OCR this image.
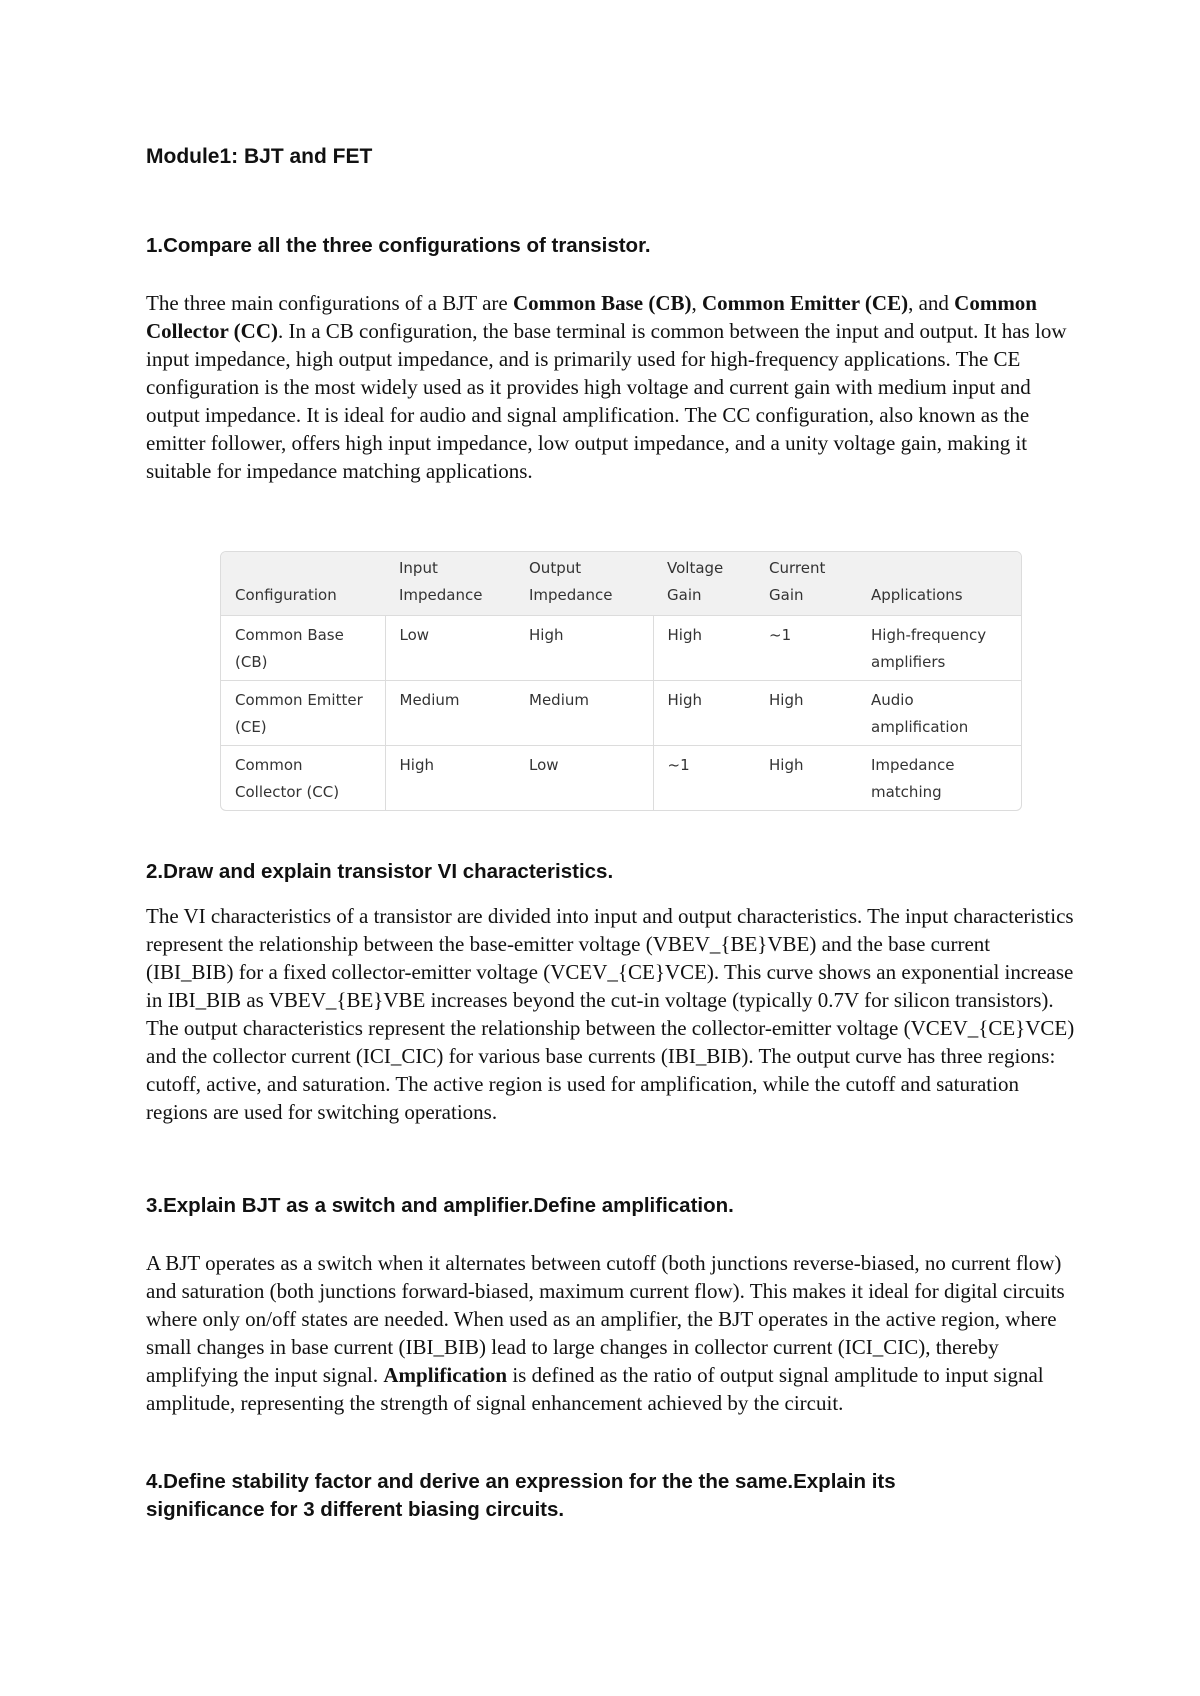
Module1: BJT and FET
1.Compare all the three configurations of transistor.
The three main configurations of a BJT are Common Base (CB), Common Emitter (CE), and Common Collector (CC). In a CB configuration, the base terminal is common between the input and output. It has low input impedance, high output impedance, and is primarily used for high-frequency applications. The CE configuration is the most widely used as it provides high voltage and current gain with medium input and output impedance. It is ideal for audio and signal amplification. The CC configuration, also known as the emitter follower, offers high input impedance, low output impedance, and a unity voltage gain, making it suitable for impedance matching applications.
Configuration	Input Impedance	Output Impedance	Voltage Gain	Current Gain	Applications
Common Base (CB)	Low	High	High	~1	High-frequency amplifiers
Common Emitter (CE)	Medium	Medium	High	High	Audio amplification
Common Collector (CC)	High	Low	~1	High	Impedance matching
2.Draw and explain transistor VI characteristics.
The VI characteristics of a transistor are divided into input and output characteristics. The input characteristics represent the relationship between the base-emitter voltage (VBEV_{BE}VBE) and the base current (IBI_BIB) for a fixed collector-emitter voltage (VCEV_{CE}VCE). This curve shows an exponential increase in IBI_BIB as VBEV_{BE}VBE increases beyond the cut-in voltage (typically 0.7V for silicon transistors). The output characteristics represent the relationship between the collector-emitter voltage (VCEV_{CE}VCE) and the collector current (ICI_CIC) for various base currents (IBI_BIB). The output curve has three regions: cutoff, active, and saturation. The active region is used for amplification, while the cutoff and saturation regions are used for switching operations.
3.Explain BJT as a switch and amplifier.Define amplification.
A BJT operates as a switch when it alternates between cutoff (both junctions reverse-biased, no current flow) and saturation (both junctions forward-biased, maximum current flow). This makes it ideal for digital circuits where only on/off states are needed. When used as an amplifier, the BJT operates in the active region, where small changes in base current (IBI_BIB) lead to large changes in collector current (ICI_CIC), thereby amplifying the input signal. Amplification is defined as the ratio of output signal amplitude to input signal amplitude, representing the strength of signal enhancement achieved by the circuit.
4.Define stability factor and derive an expression for the the same.Explain its significance for 3 different biasing circuits.
